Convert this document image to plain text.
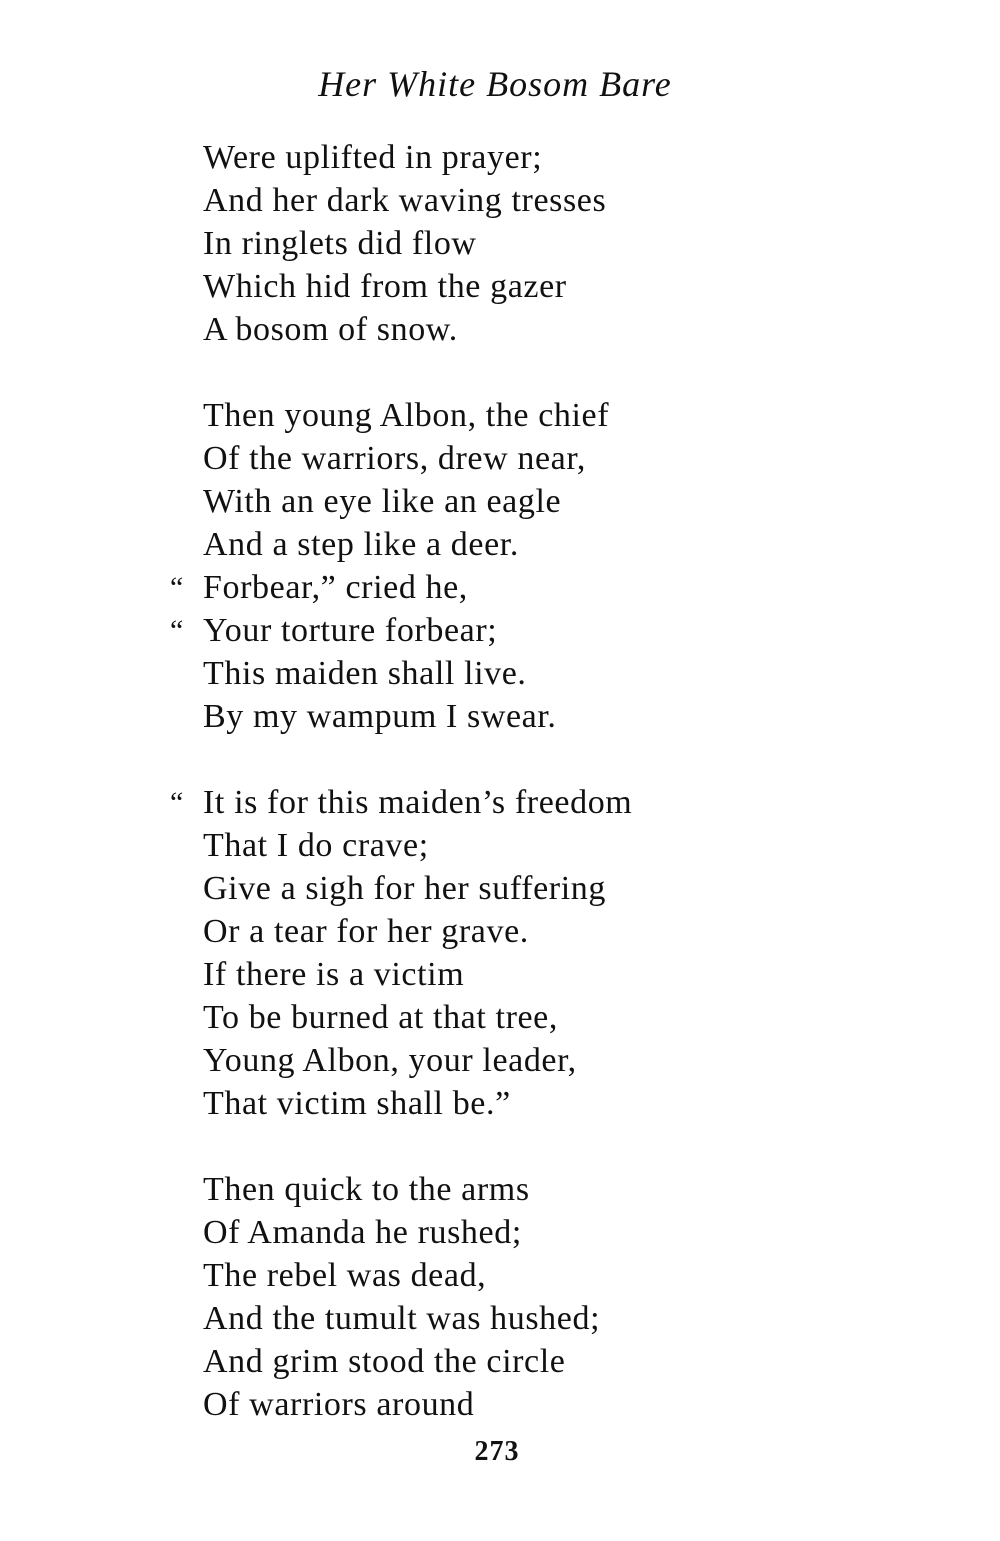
Her White Bosom Bare
Were uplifted in prayer;
And her dark waving tresses
In ringlets did flow
Which hid from the gazer
A bosom of snow.
Then young Albon, the chief
Of the warriors, drew near,
With an eye like an eagle
And a step like a deer.
“ Forbear,” cried he,
“ Your torture forbear;
This maiden shall live.
By my wampum I swear.
“ It is for this maiden’s freedom
That I do crave;
Give a sigh for her suffering
Or a tear for her grave.
If there is a victim
To be burned at that tree,
Young Albon, your leader,
That victim shall be.”
Then quick to the arms
Of Amanda he rushed;
The rebel was dead,
And the tumult was hushed;
And grim stood the circle
Of warriors around
273
